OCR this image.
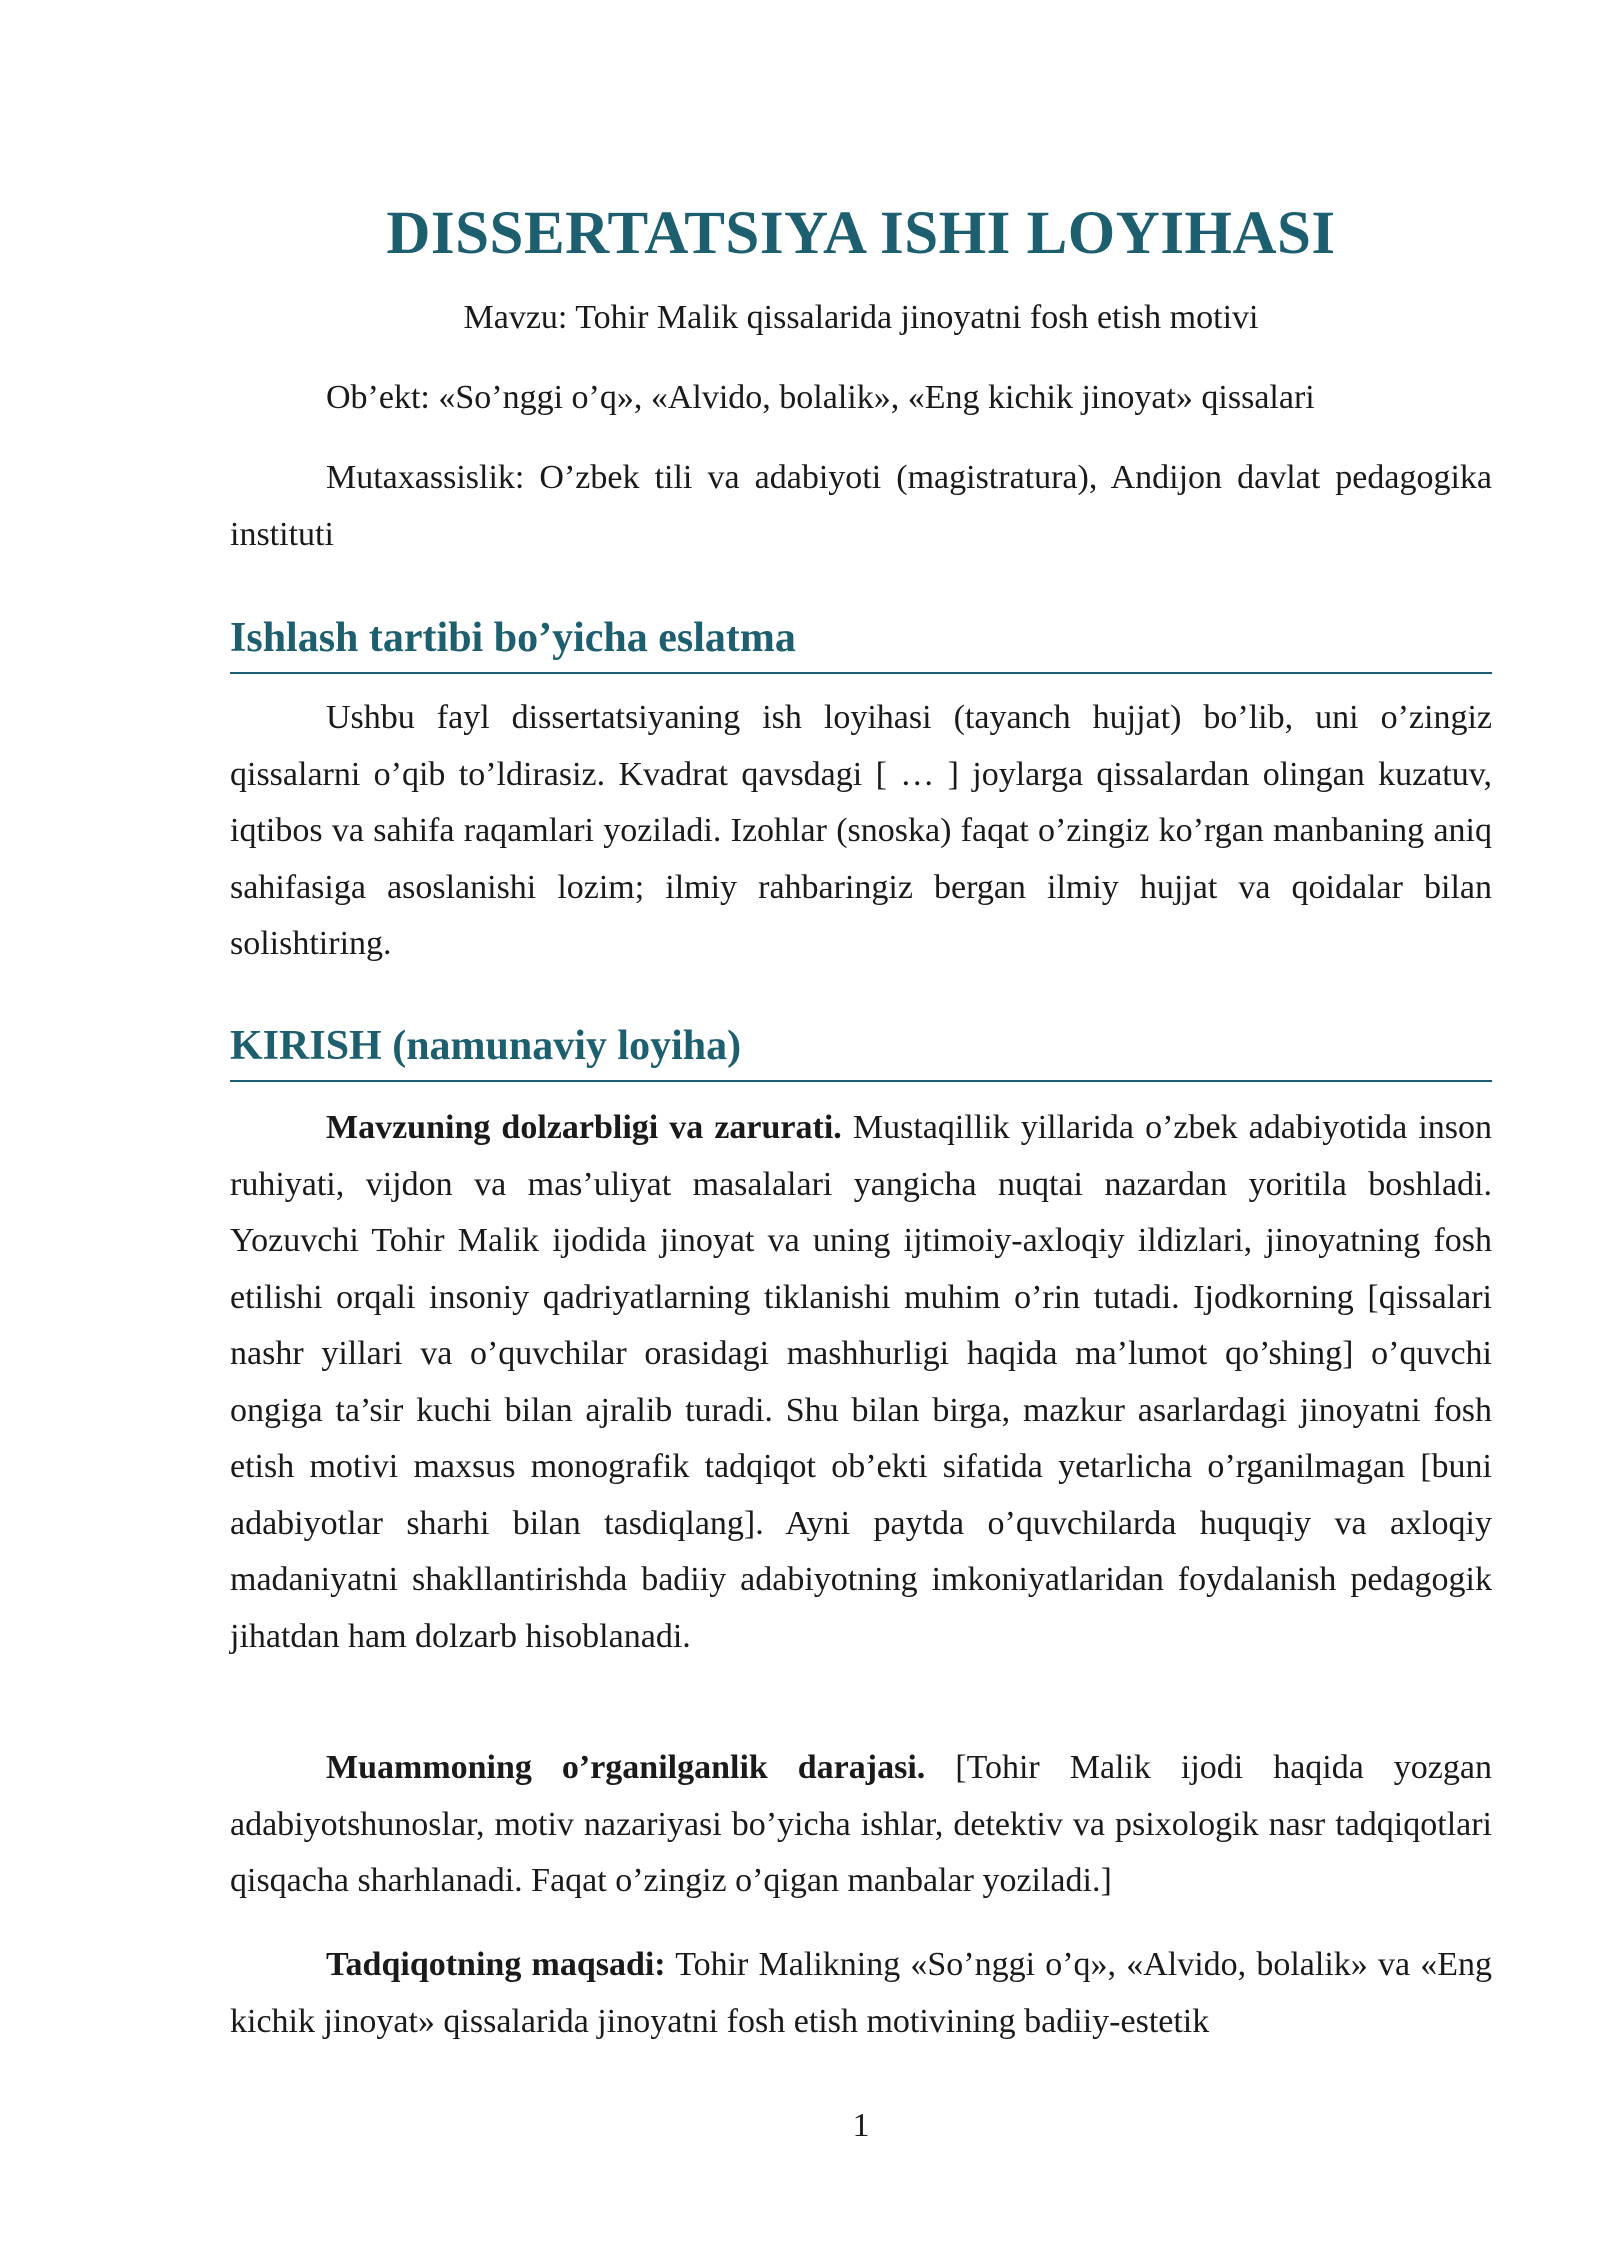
DISSERTATSIYA ISHI LOYIHASI

Mavzu: Tohir Malik qissalarida jinoyatni fosh etish motivi

Ob’ekt: «So’nggi o’q», «Alvido, bolalik», «Eng kichik jinoyat» qissalari

Mutaxassislik: O’zbek tili va adabiyoti (magistratura), Andijon davlat pedagogika instituti

Ishlash tartibi bo’yicha eslatma

Ushbu fayl dissertatsiyaning ish loyihasi (tayanch hujjat) bo’lib, uni o’zingiz qissalarni o’qib to’ldirasiz. Kvadrat qavsdagi [ … ] joylarga qissalardan olingan kuzatuv, iqtibos va sahifa raqamlari yoziladi. Izohlar (snoska) faqat o’zingiz ko’rgan manbaning aniq sahifasiga asoslanishi lozim; ilmiy rahbaringiz bergan ilmiy hujjat va qoidalar bilan solishtiring.

KIRISH (namunaviy loyiha)

Mavzuning dolzarbligi va zarurati. Mustaqillik yillarida o’zbek adabiyotida inson ruhiyati, vijdon va mas’uliyat masalalari yangicha nuqtai nazardan yoritila boshladi. Yozuvchi Tohir Malik ijodida jinoyat va uning ijtimoiy-axloqiy ildizlari, jinoyatning fosh etilishi orqali insoniy qadriyatlarning tiklanishi muhim o’rin tutadi. Ijodkorning [qissalari nashr yillari va o’quvchilar orasidagi mashhurligi haqida ma’lumot qo’shing] o’quvchi ongiga ta’sir kuchi bilan ajralib turadi. Shu bilan birga, mazkur asarlardagi jinoyatni fosh etish motivi maxsus monografik tadqiqot ob’ekti sifatida yetarlicha o’rganilmagan [buni adabiyotlar sharhi bilan tasdiqlang]. Ayni paytda o’quvchilarda huquqiy va axloqiy madaniyatni shakllantirishda badiiy adabiyotning imkoniyatlaridan foydalanish pedagogik jihatdan ham dolzarb hisoblanadi.

Muammoning o’rganilganlik darajasi. [Tohir Malik ijodi haqida yozgan adabiyotshunoslar, motiv nazariyasi bo’yicha ishlar, detektiv va psixologik nasr tadqiqotlari qisqacha sharhlanadi. Faqat o’zingiz o’qigan manbalar yoziladi.]

Tadqiqotning maqsadi: Tohir Malikning «So’nggi o’q», «Alvido, bolalik» va «Eng kichik jinoyat» qissalarida jinoyatni fosh etish motivining badiiy-estetik

1
